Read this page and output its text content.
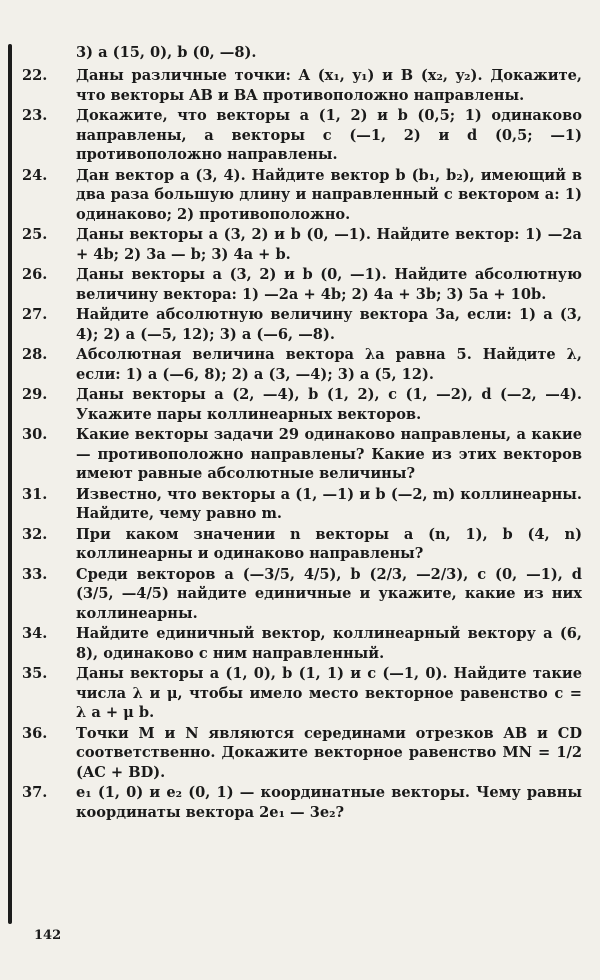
3) a (15, 0), b (0, —8).
22.	Даны различные точки: A (x₁, y₁) и B (x₂, y₂). Докажите, что векторы AB и BA противоположно направлены.
23.	Докажите, что векторы a (1, 2) и b (0,5; 1) одинаково направлены, а векторы c (—1, 2) и d (0,5; —1) противоположно направлены.
24.	Дан вектор a (3, 4). Найдите вектор b (b₁, b₂), имеющий в два раза большую длину и направленный с вектором a: 1) одинаково; 2) противоположно.
25.	Даны векторы a (3, 2) и b (0, —1). Найдите вектор: 1) —2a + 4b; 2) 3a — b; 3) 4a + b.
26.	Даны векторы a (3, 2) и b (0, —1). Найдите абсолютную величину вектора: 1) —2a + 4b; 2) 4a + 3b; 3) 5a + 10b.
27.	Найдите абсолютную величину вектора 3a, если: 1) a (3, 4); 2) a (—5, 12); 3) a (—6, —8).
28.	Абсолютная величина вектора λa равна 5. Найдите λ, если: 1) a (—6, 8); 2) a (3, —4); 3) a (5, 12).
29.	Даны векторы a (2, —4), b (1, 2), c (1, —2), d (—2, —4). Укажите пары коллинеарных векторов.
30.	Какие векторы задачи 29 одинаково направлены, а какие — противоположно направлены? Какие из этих векторов имеют равные абсолютные величины?
31.	Известно, что векторы a (1, —1) и b (—2, m) коллинеарны. Найдите, чему равно m.
32.	При каком значении n векторы a (n, 1), b (4, n) коллинеарны и одинаково направлены?
33.	Среди векторов a (—3/5, 4/5), b (2/3, —2/3), c (0, —1), d (3/5, —4/5) найдите единичные и укажите, какие из них коллинеарны.
34.	Найдите единичный вектор, коллинеарный вектору a (6, 8), одинаково с ним направленный.
35.	Даны векторы a (1, 0), b (1, 1) и c (—1, 0). Найдите такие числа λ и μ, чтобы имело место векторное равенство c = λ a + μ b.
36.	Точки M и N являются серединами отрезков AB и CD соответственно. Докажите векторное равенство MN = 1/2 (AC + BD).
37.	e₁ (1, 0) и e₂ (0, 1) — координатные векторы. Чему равны координаты вектора 2e₁ — 3e₂?
142
